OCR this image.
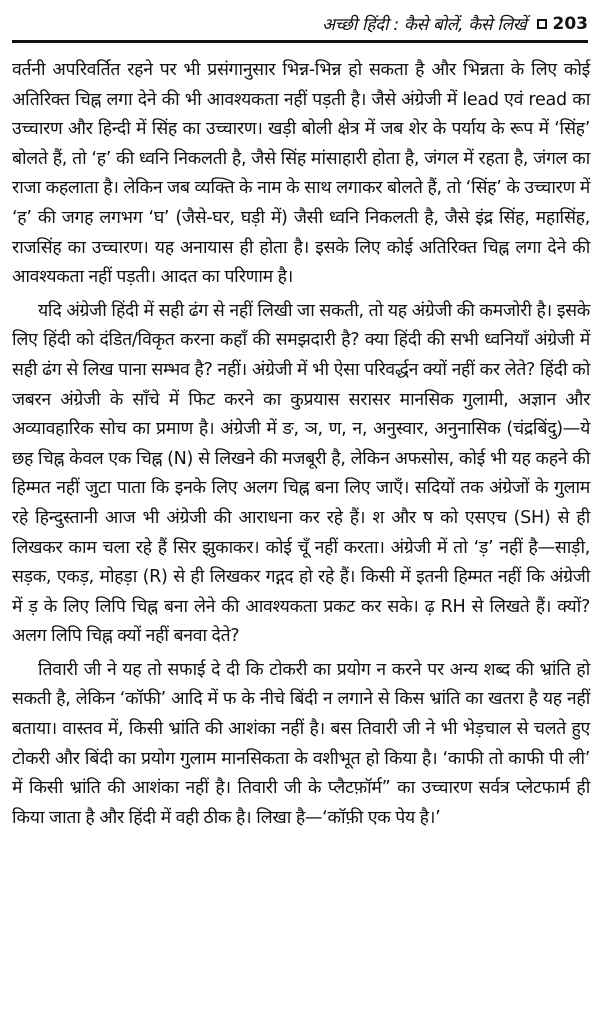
अच्छी हिंदी : कैसे बोलें, कैसे लिखें 203

वर्तनी अपरिवर्तित रहने पर भी प्रसंगानुसार भिन्न-भिन्न हो सकता है और भिन्नता के लिए कोई अतिरिक्त चिह्न लगा देने की भी आवश्यकता नहीं पड़ती है। जैसे अंग्रेजी में lead एवं read का उच्चारण और हिन्दी में सिंह का उच्चारण। खड़ी बोली क्षेत्र में जब शेर के पर्याय के रूप में ‘सिंह’ बोलते हैं, तो ‘ह’ की ध्वनि निकलती है, जैसे सिंह मांसाहारी होता है, जंगल में रहता है, जंगल का राजा कहलाता है। लेकिन जब व्यक्ति के नाम के साथ लगाकर बोलते हैं, तो ‘सिंह’ के उच्चारण में ‘ह’ की जगह लगभग ‘घ’ (जैसे-घर, घड़ी में) जैसी ध्वनि निकलती है, जैसे इंद्र सिंह, महासिंह, राजसिंह का उच्चारण। यह अनायास ही होता है। इसके लिए कोई अतिरिक्त चिह्न लगा देने की आवश्यकता नहीं पड़ती। आदत का परिणाम है।

यदि अंग्रेजी हिंदी में सही ढंग से नहीं लिखी जा सकती, तो यह अंग्रेजी की कमजोरी है। इसके लिए हिंदी को दंडित/विकृत करना कहाँ की समझदारी है? क्या हिंदी की सभी ध्वनियाँ अंग्रेजी में सही ढंग से लिख पाना सम्भव है? नहीं। अंग्रेजी में भी ऐसा परिवर्द्धन क्यों नहीं कर लेते? हिंदी को जबरन अंग्रेजी के साँचे में फिट करने का कुप्रयास सरासर मानसिक गुलामी, अज्ञान और अव्यावहारिक सोच का प्रमाण है। अंग्रेजी में ङ, ञ, ण, न, अनुस्वार, अनुनासिक (चंद्रबिंदु)—ये छह चिह्न केवल एक चिह्न (N) से लिखने की मजबूरी है, लेकिन अफसोस, कोई भी यह कहने की हिम्मत नहीं जुटा पाता कि इनके लिए अलग चिह्न बना लिए जाएँ। सदियों तक अंग्रेजों के गुलाम रहे हिन्दुस्तानी आज भी अंग्रेजी की आराधना कर रहे हैं। श और ष को एसएच (SH) से ही लिखकर काम चला रहे हैं सिर झुकाकर। कोई चूँ नहीं करता। अंग्रेजी में तो ‘ड़’ नहीं है—साड़ी, सड़क, एकड़, मोहड़ा (R) से ही लिखकर गद्गद हो रहे हैं। किसी में इतनी हिम्मत नहीं कि अंग्रेजी में ड़ के लिए लिपि चिह्न बना लेने की आवश्यकता प्रकट कर सके। ढ़ RH से लिखते हैं। क्यों? अलग लिपि चिह्न क्यों नहीं बनवा देते?

तिवारी जी ने यह तो सफाई दे दी कि टोकरी का प्रयोग न करने पर अन्य शब्द की भ्रांति हो सकती है, लेकिन ‘कॉफी’ आदि में फ के नीचे बिंदी न लगाने से किस भ्रांति का खतरा है यह नहीं बताया। वास्तव में, किसी भ्रांति की आशंका नहीं है। बस तिवारी जी ने भी भेड़चाल से चलते हुए टोकरी और बिंदी का प्रयोग गुलाम मानसिकता के वशीभूत हो किया है। ‘काफी तो काफी पी ली’ में किसी भ्रांति की आशंका नहीं है। तिवारी जी के प्लैटफ़ॉर्म” का उच्चारण सर्वत्र प्लेटफार्म ही किया जाता है और हिंदी में वही ठीक है। लिखा है—‘कॉफ़ी एक पेय है।’
